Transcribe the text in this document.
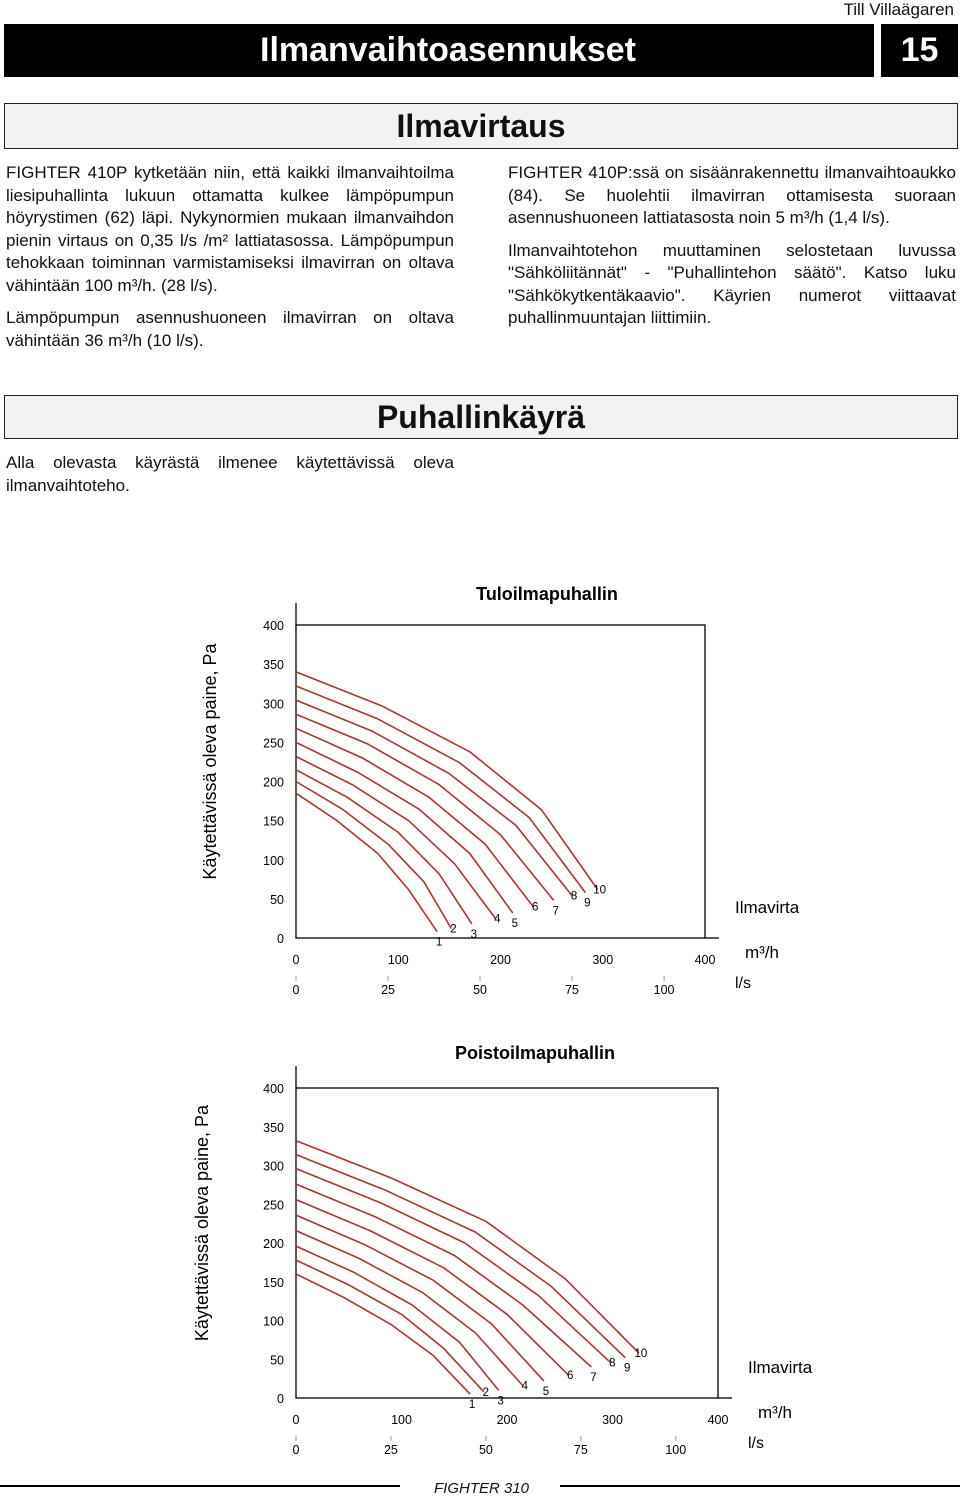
Till Villaägaren
Ilmanvaihtoasennukset	15
Ilmavirtaus

FIGHTER 410P kytketään niin, että kaikki ilmanvaihtoilma liesipuhallinta lukuun ottamatta kulkee lämpöpumpun höyrystimen (62) läpi. Nykynormien mukaan ilmanvaihdon pienin virtaus on 0,35 l/s /m² lattiatasossa. Lämpöpumpun tehokkaan toiminnan varmistamiseksi ilmavirran on oltava vähintään 100 m³/h. (28 l/s).

Lämpöpumpun asennushuoneen ilmavirran on oltava vähintään 36 m³/h (10 l/s).

FIGHTER 410P:ssä on sisäänrakennettu ilmanvaihtoaukko (84). Se huolehtii ilmavirran ottamisesta suoraan asennushuoneen lattiatasosta noin 5 m³/h (1,4 l/s).

Ilmanvaihtotehon muuttaminen selostetaan luvussa "Sähköliitännät" - "Puhallintehon säätö". Katso luku "Sähkökytkentäkaavio". Käyrien numerot viittaavat puhallinmuuntajan liittimiin.

Puhallinkäyrä

Alla olevasta käyrästä ilmenee käytettävissä oleva ilmanvaihtoteho.

Tuloilmapuhallin
0
50
100
150
200
250
300
350
400
0	100	200	300	400
0	25	50	75	100
Käytettävissä oleva paine, Pa
Ilmavirta
m³/h
l/s
1
2 3
4 5
6 7
8
9
10
Poistoilmapuhallin
0
50
100
150
200
250
300
350
400
0	100	200	300	400
0	25	50	75	100
Käytettävissä oleva paine, Pa
Ilmavirta
m³/h
l/s
1
2
3
4 5
6 7
8 9
10
FIGHTER 310
